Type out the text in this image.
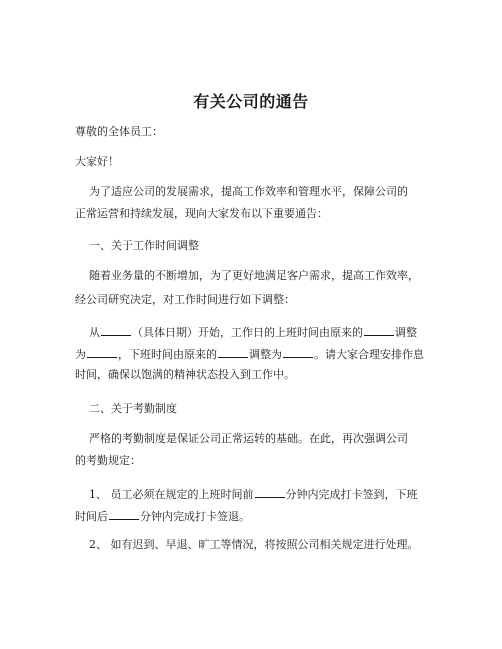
有关公司的通告
尊敬的全体员工：
大家好！
为了适应公司的发展需求，提高工作效率和管理水平，保障公司的
正常运营和持续发展，现向大家发布以下重要通告：
一、关于工作时间调整
随着业务量的不断增加，为了更好地满足客户需求，提高工作效率，
经公司研究决定，对工作时间进行如下调整：
从	（具体日期）开始，工作日的上班时间由原来的	调整
为	，下班时间由原来的	调整为	。请大家合理安排作息
时间，确保以饱满的精神状态投入到工作中。
二、关于考勤制度
严格的考勤制度是保证公司正常运转的基础。在此，再次强调公司
的考勤规定：
1、 员工必须在规定的上班时间前	分钟内完成打卡签到，下班
时间后	分钟内完成打卡签退。
2、 如有迟到、早退、旷工等情况，将按照公司相关规定进行处理。
